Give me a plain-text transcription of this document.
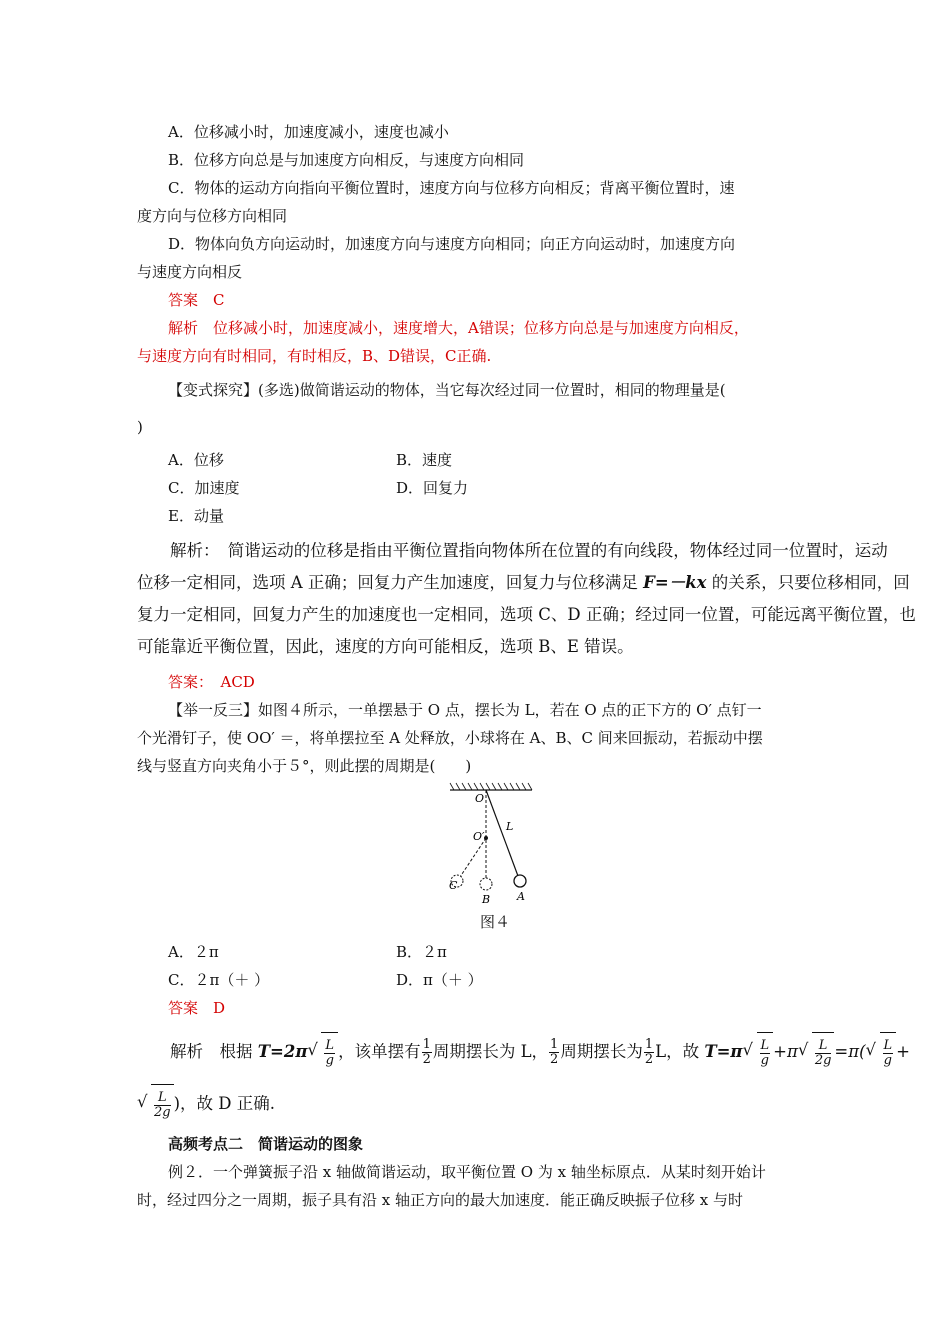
A．位移减小时，加速度减小，速度也减小
B．位移方向总是与加速度方向相反，与速度方向相同
C．物体的运动方向指向平衡位置时，速度方向与位移方向相反；背离平衡位置时，速
度方向与位移方向相同
D．物体向负方向运动时，加速度方向与速度方向相同；向正方向运动时，加速度方向
与速度方向相反
答案　C
解析　位移减小时，加速度减小，速度增大，A错误；位移方向总是与加速度方向相反，
与速度方向有时相同，有时相反，B、D错误，C正确.
【变式探究】(多选)做简谐运动的物体，当它每次经过同一位置时，相同的物理量是(
)
A．位移	B．速度
C．加速度	D．回复力
E．动量
解析：　简谐运动的位移是指由平衡位置指向物体所在位置的有向线段，物体经过同一位置时，运动
位移一定相同，选项 A 正确；回复力产生加速度，回复力与位移满足 F=－kx 的关系，只要位移相同，回
复力一定相同，回复力产生的加速度也一定相同，选项 C、D 正确；经过同一位置，可能远离平衡位置，也
可能靠近平衡位置，因此，速度的方向可能相反，选项 B、E 错误。
答案：　ACD
【举一反三】如图４所示，一单摆悬于 O 点，摆长为 L，若在 O 点的正下方的 O′ 点钉一
个光滑钉子，使 OO′ ＝，将单摆拉至 A 处释放，小球将在 A、B、C 间来回振动，若振动中摆
线与竖直方向夹角小于５°，则此摆的周期是(　　)
O
O′
L
A
B
C
图４
A．２π	B．２π
C．２π（＋ ）	D．π（＋ ）
答案　D
解析　根据 T=2π √ $\frac{L}{g}$ ，该单摆有 $\frac{1}{2}$ 周期摆长为 L， $\frac{1}{2}$ 周期摆长为 $\frac{1}{2}$ L，故 T=π √ $\frac{L}{g} +\pi$ √ $\frac{L}{2g} =\pi$( √ $\frac{L}{g}$ +
√ $\frac{L}{2g}$ )，故 D 正确.
高频考点二　简谐运动的图象
例２．一个弹簧振子沿 x 轴做简谐运动，取平衡位置 O 为 x 轴坐标原点．从某时刻开始计
时，经过四分之一周期，振子具有沿 x 轴正方向的最大加速度．能正确反映振子位移 x 与时
